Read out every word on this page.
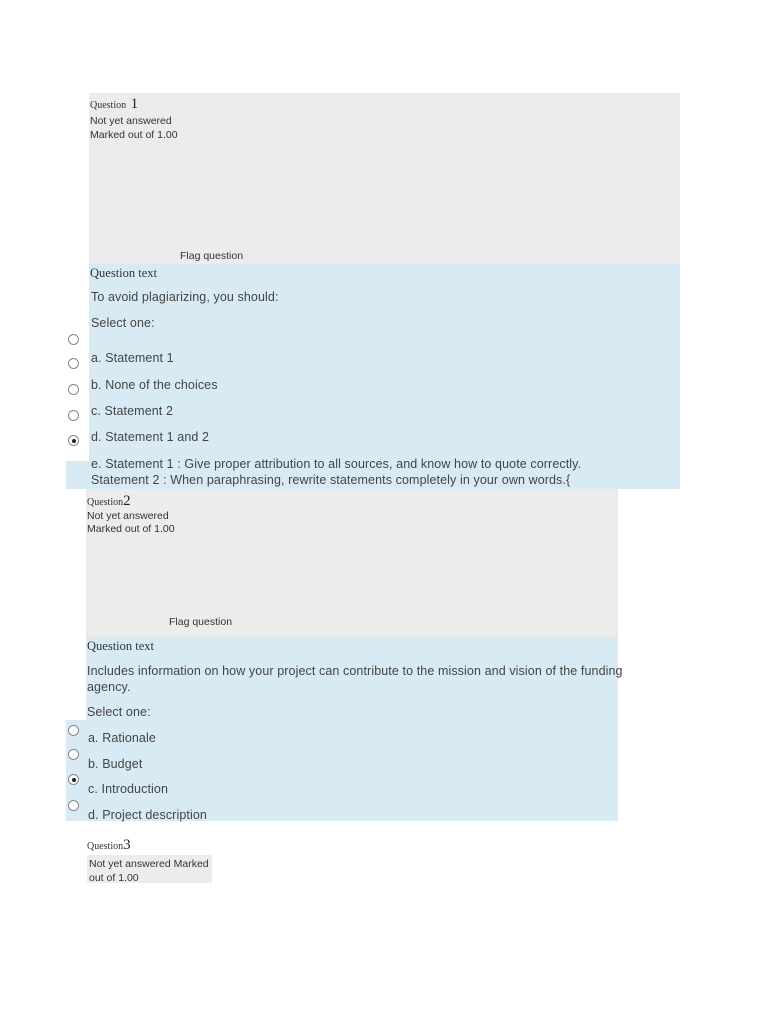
Question 1
Not yet answered
Marked out of 1.00
Flag question
Question text
To avoid plagiarizing, you should:
Select one:
a. Statement 1
b. None of the choices
c. Statement 2
d. Statement 1 and 2
e. Statement 1 : Give proper attribution to all sources, and know how to quote correctly.
Statement 2 : When paraphrasing, rewrite statements completely in your own words.{
Question2
Not yet answered
Marked out of 1.00
Flag question
Question text
Includes information on how your project can contribute to the mission and vision of the funding
agency.
Select one:
a. Rationale
b. Budget
c. Introduction
d. Project description
Question3
Not yet answered Marked
out of 1.00
